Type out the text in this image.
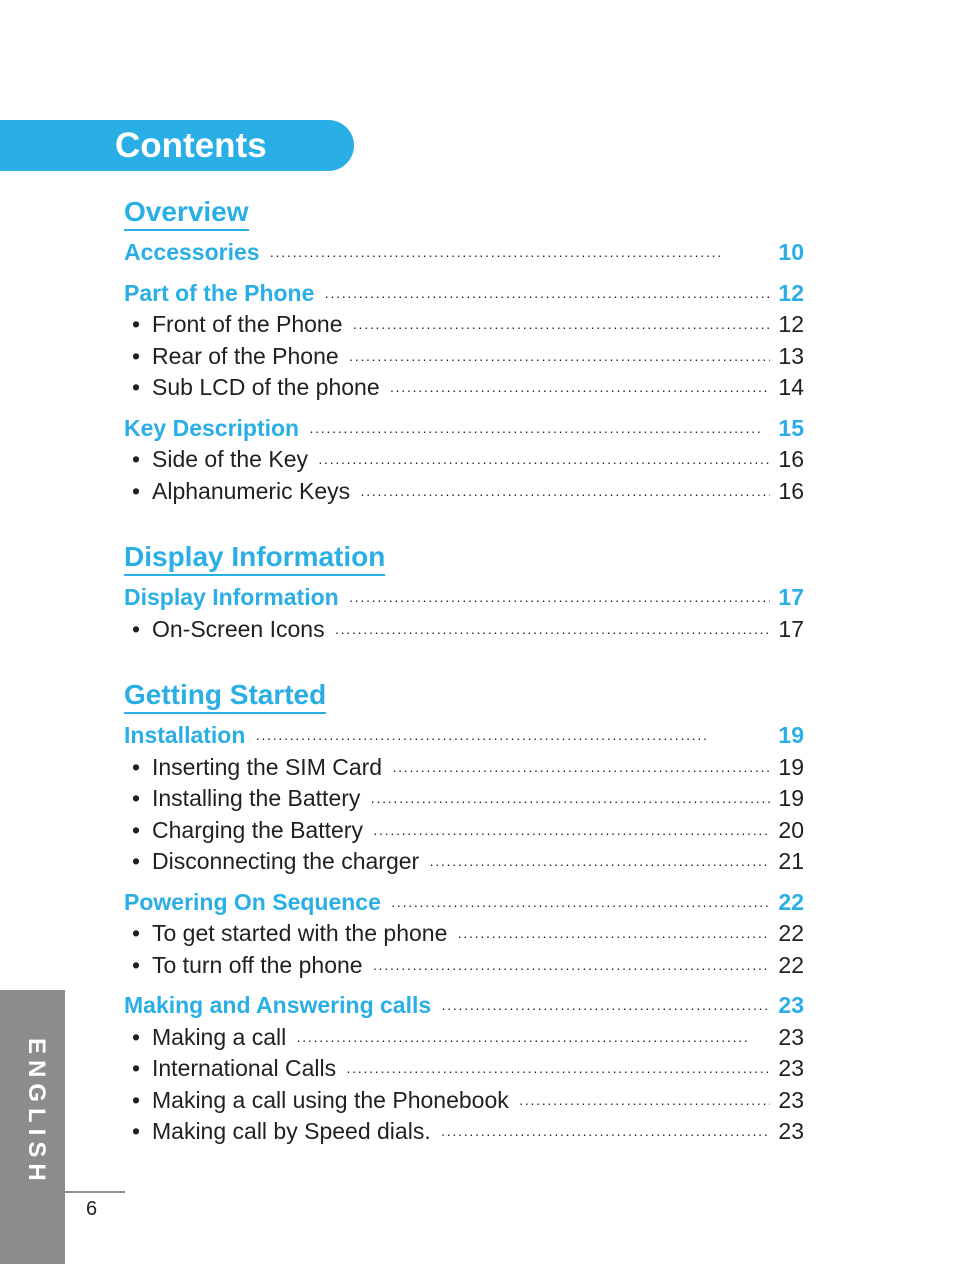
Contents
Overview
Accessories ·····	10
Part of the Phone ·····	12
• Front of the Phone ·····	12
• Rear of the Phone ·····	13
• Sub LCD of the phone ·····	14
Key Description ·····	15
• Side of the Key ·····	16
• Alphanumeric Keys ·····	16
Display Information
Display Information ·····	17
• On-Screen Icons ·····	17
Getting Started
Installation ·····	19
• Inserting the SIM Card ·····	19
• Installing the Battery ·····	19
• Charging the Battery ·····	20
• Disconnecting the charger ·····	21
Powering On Sequence ·····	22
• To get started with the phone ·····	22
• To turn off the phone ·····	22
Making and Answering calls ·····	23
• Making a call ·····	23
• International Calls ·····	23
• Making a call using the Phonebook ·····	23
• Making call by Speed dials. ·····	23
ENGLISH
6
